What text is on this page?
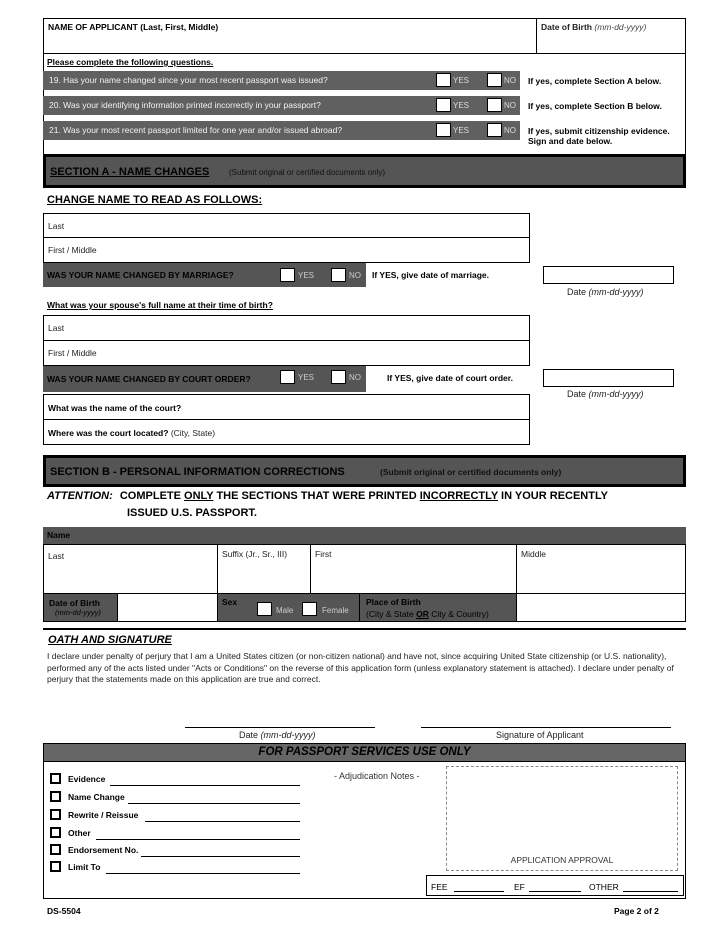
NAME OF APPLICANT (Last, First, Middle)	Date of Birth (mm-dd-yyyy)
Please complete the following questions.
19. Has your name changed since your most recent passport was issued?	YES	NO If yes, complete Section A below.
20. Was your identifying information printed incorrectly in your passport?	YES	NO If yes, complete Section B below.
21. Was your most recent passport limited for one year and/or issued abroad?	YES	NO If yes, submit citizenship evidence. Sign and date below.
SECTION A - NAME CHANGES (Submit original or certified documents only)
CHANGE NAME TO READ AS FOLLOWS:
Last
First / Middle
WAS YOUR NAME CHANGED BY MARRIAGE?	YES	NO If YES, give date of marriage.
Date (mm-dd-yyyy)
What was your spouse's full name at their time of birth?
Last
First / Middle
WAS YOUR NAME CHANGED BY COURT ORDER?	YES	NO	If YES, give date of court order.
Date (mm-dd-yyyy)
What was the name of the court?
Where was the court located? (City, State)
SECTION B - PERSONAL INFORMATION CORRECTIONS	(Submit original or certified documents only)
ATTENTION: COMPLETE ONLY THE SECTIONS THAT WERE PRINTED INCORRECTLY IN YOUR RECENTLY
ISSUED U.S. PASSPORT.
Name
Last	Suffix (Jr., Sr., III)	First	Middle
Date of Birth
(mm-dd-yyyy)
Sex
Male	Female
Place of Birth
(City & State OR City & Country)
OATH AND SIGNATURE
I declare under penalty of perjury that I am a United States citizen (or non-citizen national) and have not, since acquiring United State citizenship (or U.S. nationality), performed any of the acts listed under "Acts or Conditions" on the reverse of this application form (unless explanatory statement is attached). I declare under penalty of perjury that the statements made on this application are true and correct.
Date (mm-dd-yyyy)	Signature of Applicant
FOR PASSPORT SERVICES USE ONLY
Evidence
Name Change
Rewrite / Reissue
Other
Endorsement No.
Limit To
- Adjudication Notes -
APPLICATION APPROVAL
FEE	EF	OTHER
DS-5504	Page 2 of 2
